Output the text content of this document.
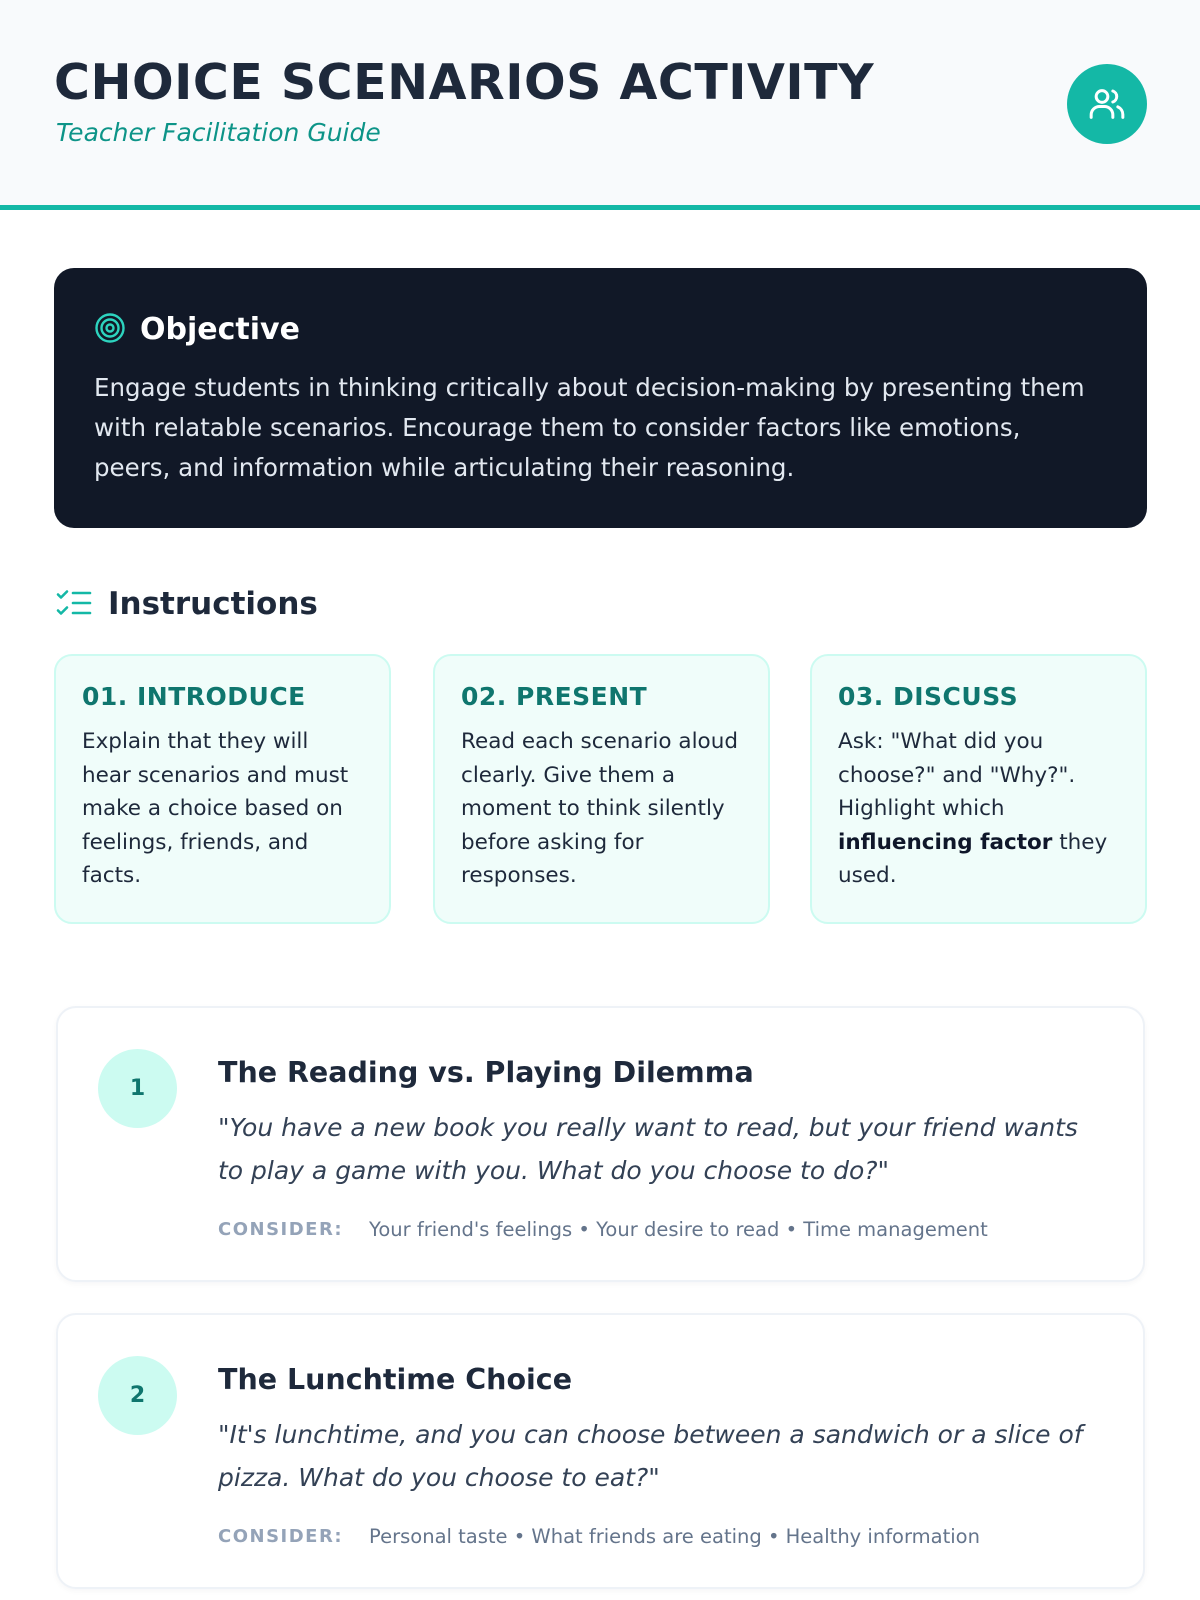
CHOICE SCENARIOS ACTIVITY
Teacher Facilitation Guide
Objective
Engage students in thinking critically about decision-making by presenting them with relatable scenarios. Encourage them to consider factors like emotions, peers, and information while articulating their reasoning.
Instructions
01. INTRODUCE
Explain that they will hear scenarios and must make a choice based on feelings, friends, and facts.
02. PRESENT
Read each scenario aloud clearly. Give them a moment to think silently before asking for responses.
03. DISCUSS
Ask: "What did you choose?" and "Why?". Highlight which influencing factor they used.
1	The Reading vs. Playing Dilemma
"You have a new book you really want to read, but your friend wants to play a game with you. What do you choose to do?"
CONSIDER: Your friend's feelings • Your desire to read • Time management
2	The Lunchtime Choice
"It's lunchtime, and you can choose between a sandwich or a slice of pizza. What do you choose to eat?"
CONSIDER: Personal taste • What friends are eating • Healthy information
